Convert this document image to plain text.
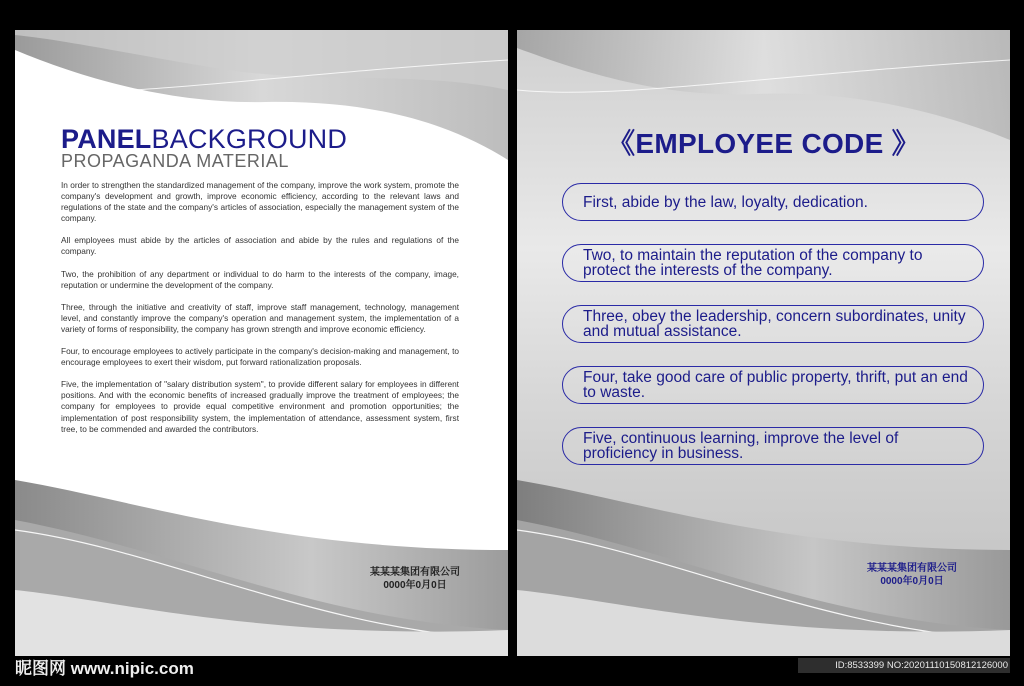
PANELBACKGROUND
PROPAGANDA MATERIAL

In order to strengthen the standardized management of the company, improve the work system, promote the company's development and growth, improve economic efficiency, according to the relevant laws and regulations of the state and the company's articles of association, especially the management system of the company.

All employees must abide by the articles of association and abide by the rules and regulations of the company.

Two, the prohibition of any department or individual to do harm to the interests of the company, image, reputation or undermine the development of the company.

Three, through the initiative and creativity of staff, improve staff management, technology, management level, and constantly improve the company's operation and management system, the implementation of a variety of forms of responsibility, the company has grown strength and improve economic efficiency.

Four, to encourage employees to actively participate in the company's decision-making and management, to encourage employees to exert their wisdom, put forward rationalization proposals.

Five, the implementation of "salary distribution system", to provide different salary for employees in different positions. And with the economic benefits of increased gradually improve the treatment of employees; the company for employees to provide equal competitive environment and promotion opportunities; the implementation of post responsibility system, the implementation of attendance, assessment system, first tree, to be commended and awarded the contributors.

某某某集团有限公司
0000年0月0日
《EMPLOYEE CODE 》
First, abide by the law, loyalty, dedication.
Two, to maintain the reputation of the company to protect the interests of the company.
Three, obey the leadership, concern subordinates, unity and mutual assistance.
Four, take good care of public property, thrift, put an end to waste.
Five, continuous learning, improve the level of proficiency in business.
某某某集团有限公司
0000年0月0日
昵图网 www.nipic.com	ID:8533399 NO:20201110150812126000
